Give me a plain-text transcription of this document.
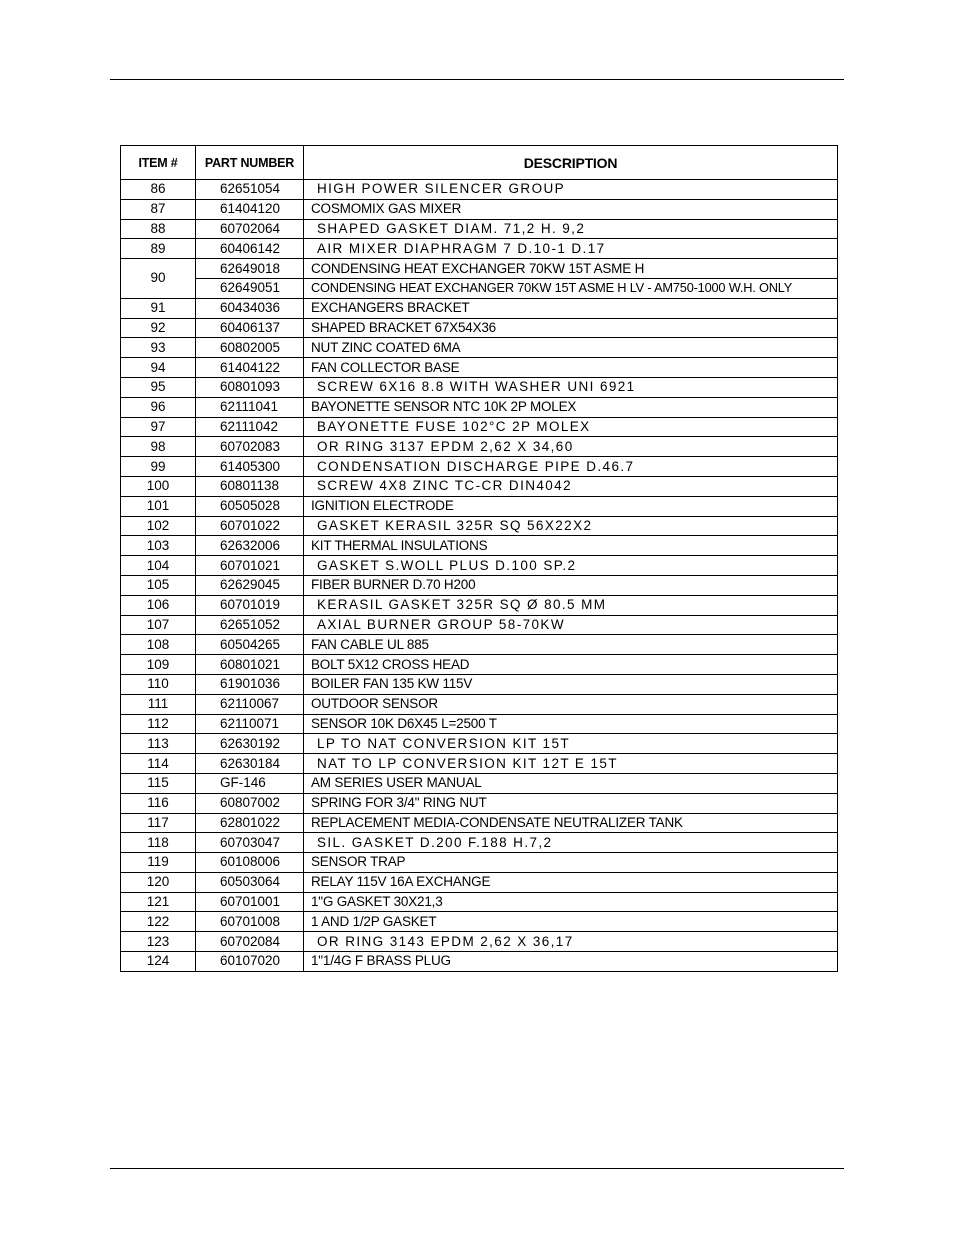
ITEM #	PART NUMBER	DESCRIPTION
86	62651054	HIGH POWER SILENCER GROUP
87	61404120	COSMOMIX GAS MIXER
88	60702064	SHAPED GASKET DIAM. 71,2 H. 9,2
89	60406142	AIR MIXER DIAPHRAGM 7 D.10-1 D.17
90	62649018	CONDENSING HEAT EXCHANGER 70KW 15T ASME H
	62649051	CONDENSING HEAT EXCHANGER 70KW 15T ASME H LV - AM750-1000 W.H. ONLY
91	60434036	EXCHANGERS BRACKET
92	60406137	SHAPED BRACKET 67X54X36
93	60802005	NUT ZINC COATED 6MA
94	61404122	FAN COLLECTOR BASE
95	60801093	SCREW 6X16 8.8 WITH WASHER UNI 6921
96	62111041	BAYONETTE SENSOR NTC 10K 2P MOLEX
97	62111042	BAYONETTE FUSE 102°C 2P MOLEX
98	60702083	OR RING 3137 EPDM 2,62 X 34,60
99	61405300	CONDENSATION DISCHARGE PIPE D.46.7
100	60801138	SCREW 4X8 ZINC TC-CR DIN4042
101	60505028	IGNITION ELECTRODE
102	60701022	GASKET KERASIL 325R SQ 56X22X2
103	62632006	KIT THERMAL INSULATIONS
104	60701021	GASKET S.WOLL PLUS D.100 SP.2
105	62629045	FIBER BURNER D.70 H200
106	60701019	KERASIL GASKET 325R SQ Ø 80.5 MM
107	62651052	AXIAL BURNER GROUP 58-70KW
108	60504265	FAN CABLE UL 885
109	60801021	BOLT 5X12 CROSS HEAD
110	61901036	BOILER FAN 135 KW 115V
111	62110067	OUTDOOR SENSOR
112	62110071	SENSOR 10K D6X45 L=2500 T
113	62630192	LP TO NAT CONVERSION KIT 15T
114	62630184	NAT TO LP CONVERSION KIT 12T E 15T
115	GF-146	AM SERIES USER MANUAL
116	60807002	SPRING FOR 3/4" RING NUT
117	62801022	REPLACEMENT MEDIA-CONDENSATE NEUTRALIZER TANK
118	60703047	SIL. GASKET D.200 F.188 H.7,2
119	60108006	SENSOR TRAP
120	60503064	RELAY 115V 16A EXCHANGE
121	60701001	1"G GASKET 30X21,3
122	60701008	1 AND 1/2P GASKET
123	60702084	OR RING 3143 EPDM 2,62 X 36,17
124	60107020	1"1/4G F BRASS PLUG
